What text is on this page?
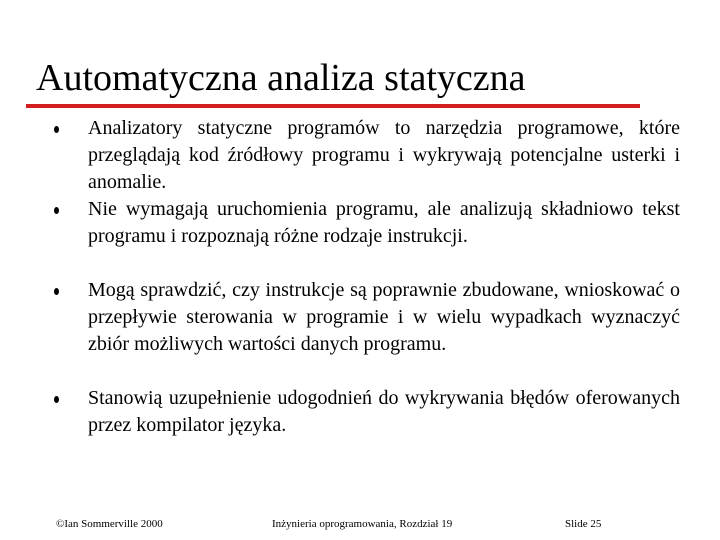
Automatyczna analiza statyczna
Analizatory statyczne programów to narzędzia programowe, które przeglądają kod źródłowy programu i wykrywają potencjalne usterki i anomalie.
Nie wymagają uruchomienia programu, ale analizują składniowo tekst programu i rozpoznają różne rodzaje instrukcji.
Mogą sprawdzić, czy instrukcje są poprawnie zbudowane, wnioskować o przepływie sterowania w programie i w wielu wypadkach wyznaczyć zbiór możliwych wartości danych programu.
Stanowią uzupełnienie udogodnień do wykrywania błędów oferowanych przez kompilator języka.
©Ian Sommerville 2000	Inżynieria oprogramowania, Rozdział 19	Slide 25
